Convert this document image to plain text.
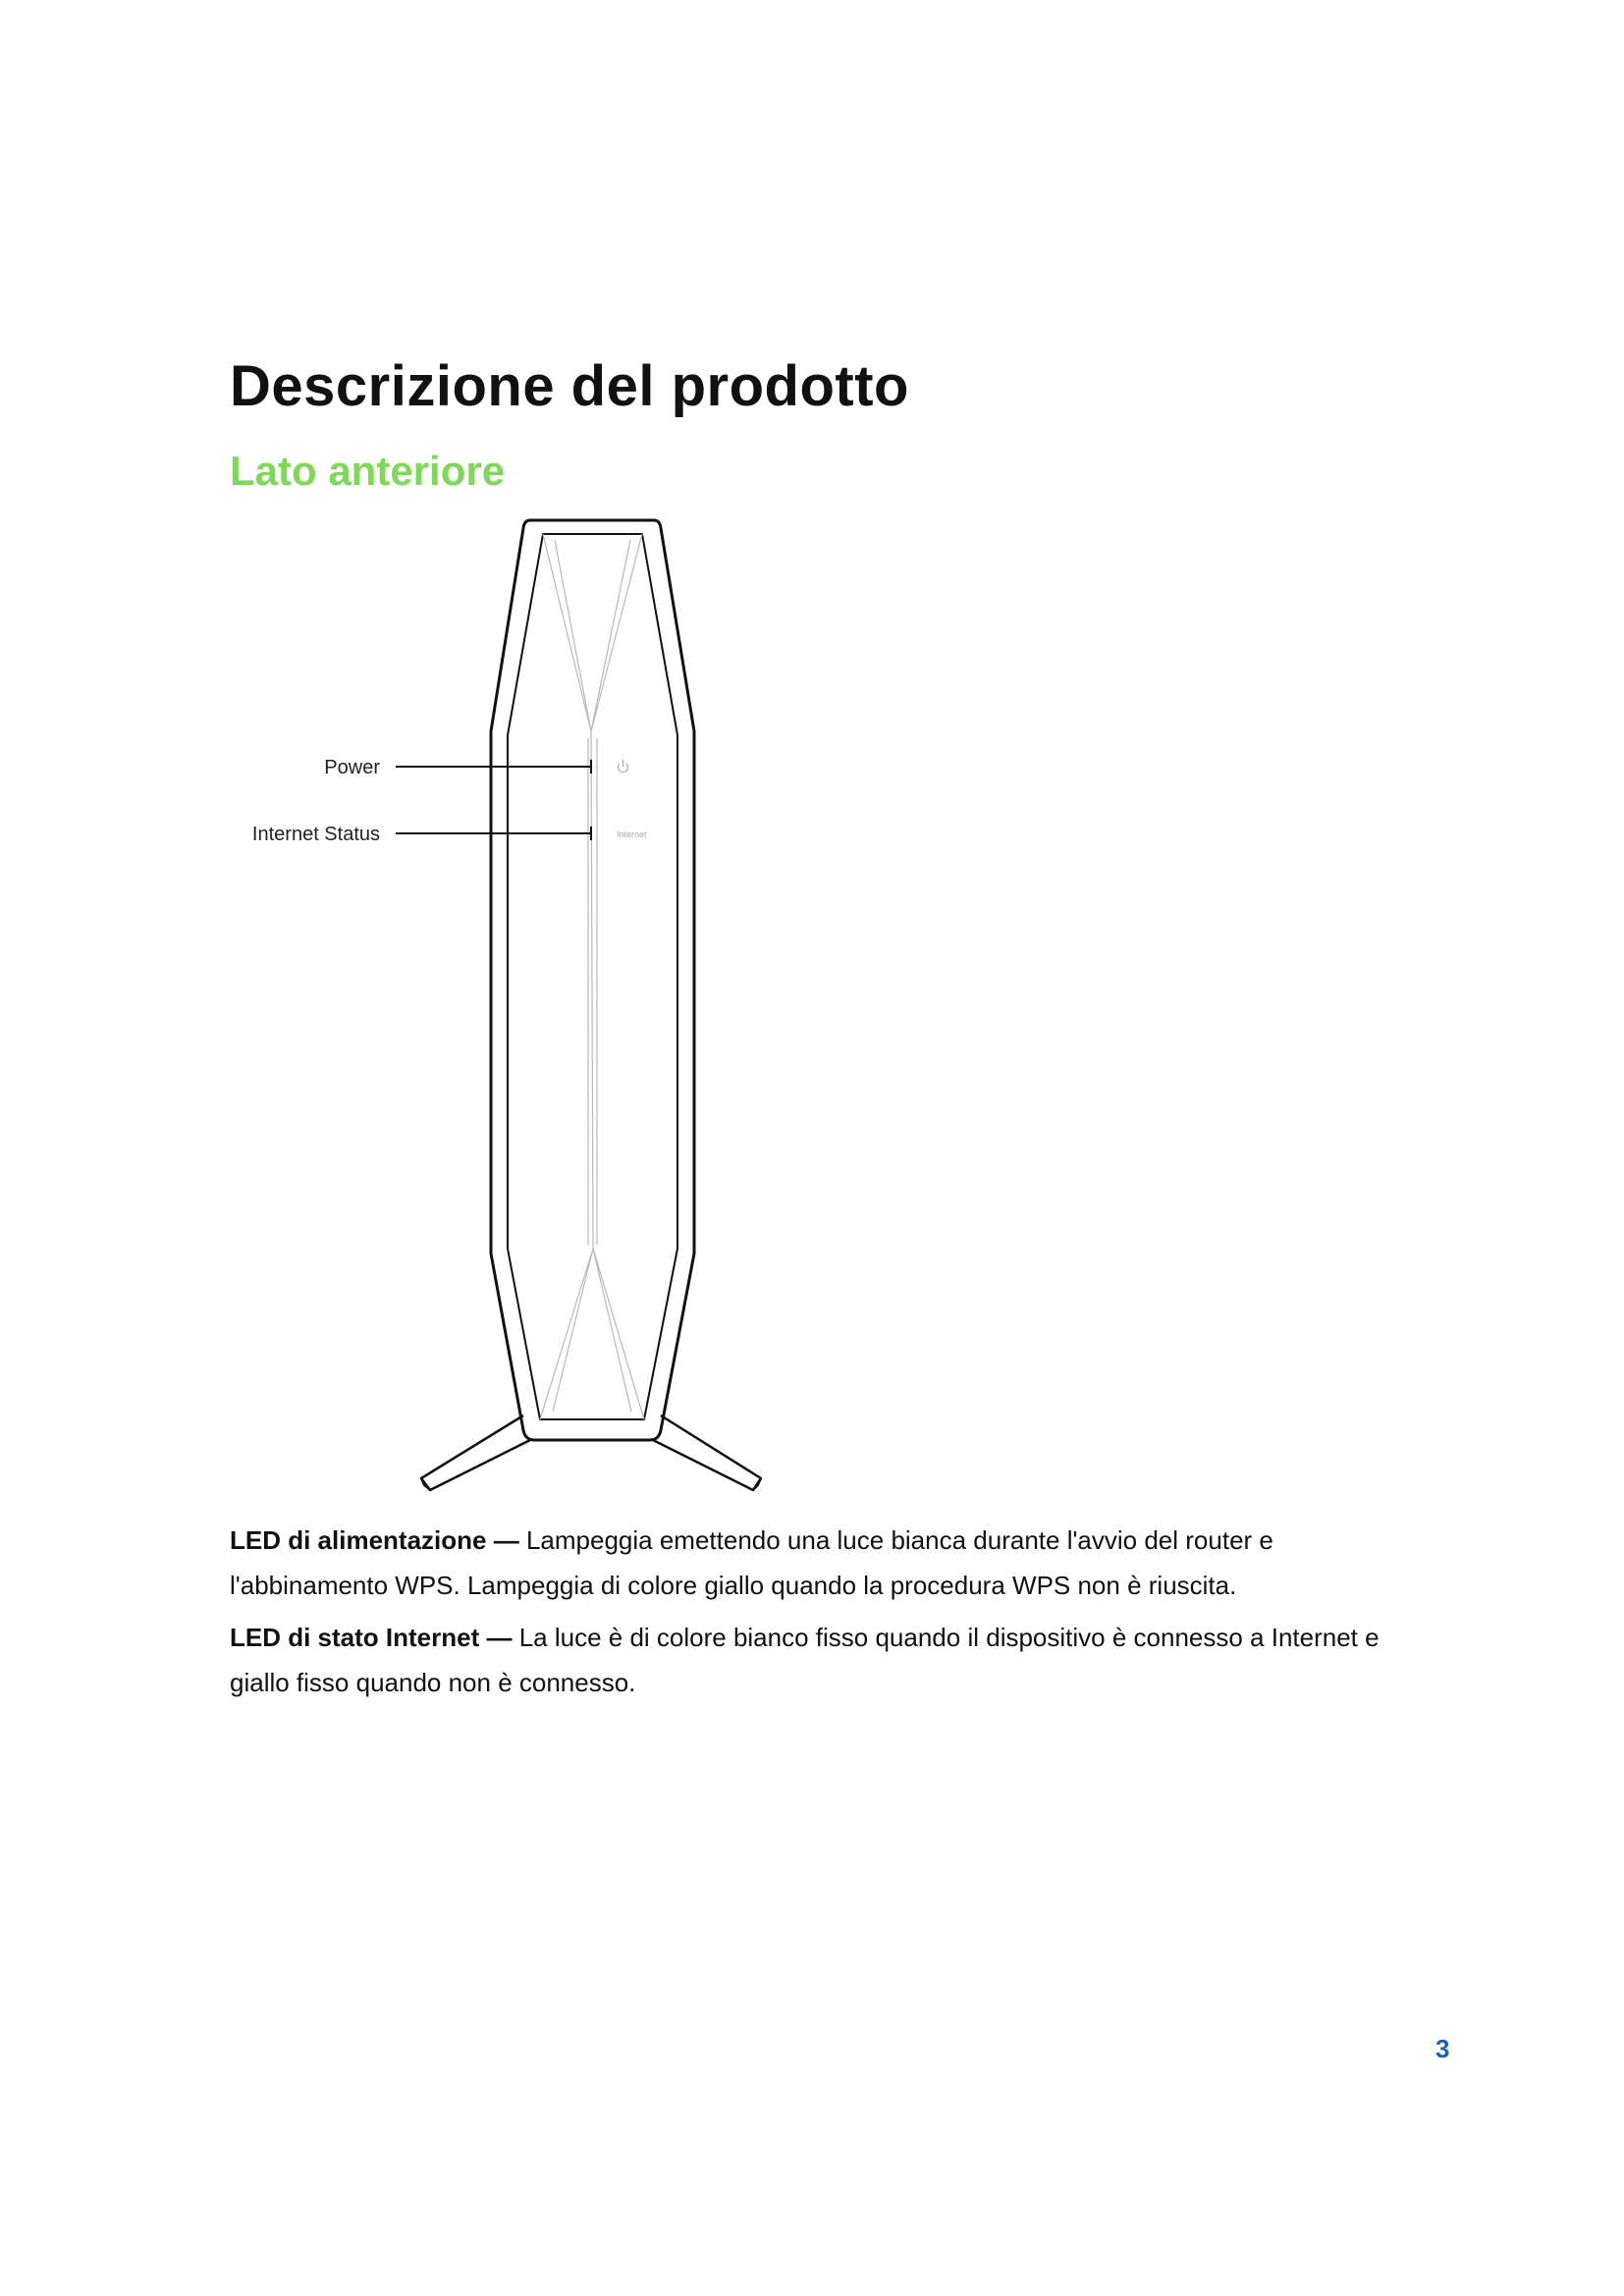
Descrizione del prodotto
Lato anteriore
Power
Internet Status	Internet

LED di alimentazione — Lampeggia emettendo una luce bianca durante l'avvio del router e l'abbinamento WPS. Lampeggia di colore giallo quando la procedura WPS non è riuscita.

LED di stato Internet — La luce è di colore bianco fisso quando il dispositivo è connesso a Internet e giallo fisso quando non è connesso.

3
